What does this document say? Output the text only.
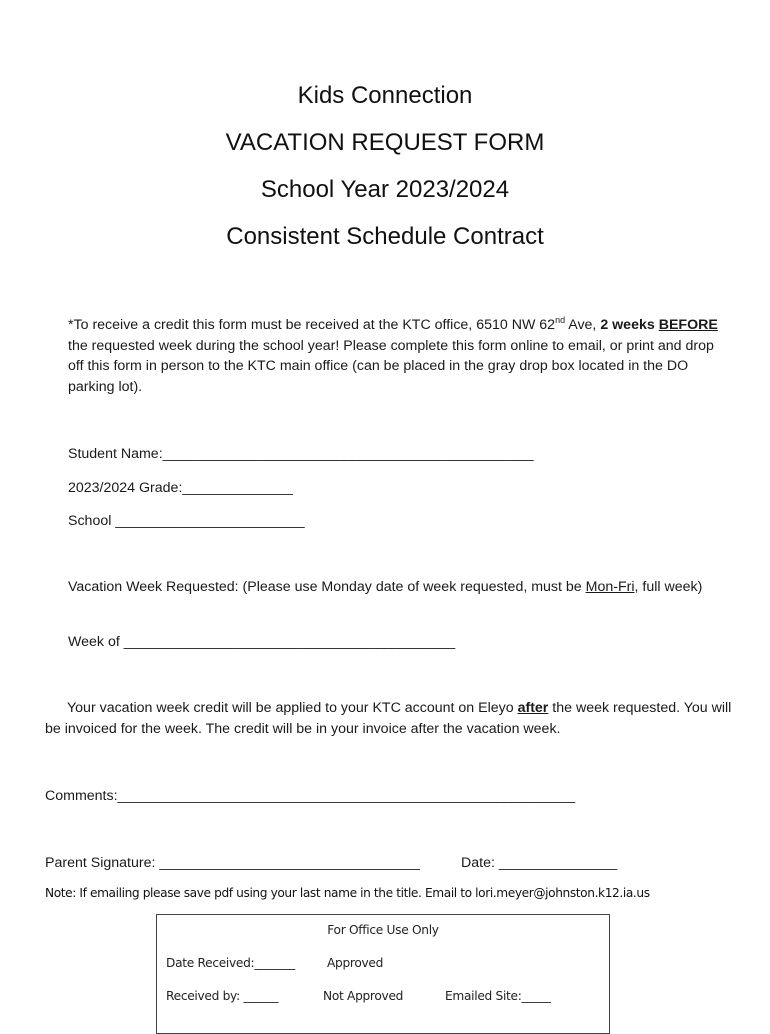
Kids Connection
VACATION REQUEST FORM
School Year 2023/2024
Consistent Schedule Contract
*To receive a credit this form must be received at the KTC office, 6510 NW 62nd Ave, 2 weeks BEFORE the requested week during the school year! Please complete this form online to email, or print and drop off this form in person to the KTC main office (can be placed in the gray drop box located in the DO parking lot).
Student Name:_______________________________________________
2023/2024 Grade:______________
School ________________________
Vacation Week Requested: (Please use Monday date of week requested, must be Mon-Fri, full week)
Week of __________________________________________
Your vacation week credit will be applied to your KTC account on Eleyo after the week requested. You will be invoiced for the week. The credit will be in your invoice after the vacation week.
Comments:__________________________________________________________
Parent Signature: _________________________________	Date: _______________
Note: If emailing please save pdf using your last name in the title. Email to lori.meyer@johnston.k12.ia.us
For Office Use Only
Date Received:_______	Approved
Received by: ______	Not Approved	Emailed Site:_____
